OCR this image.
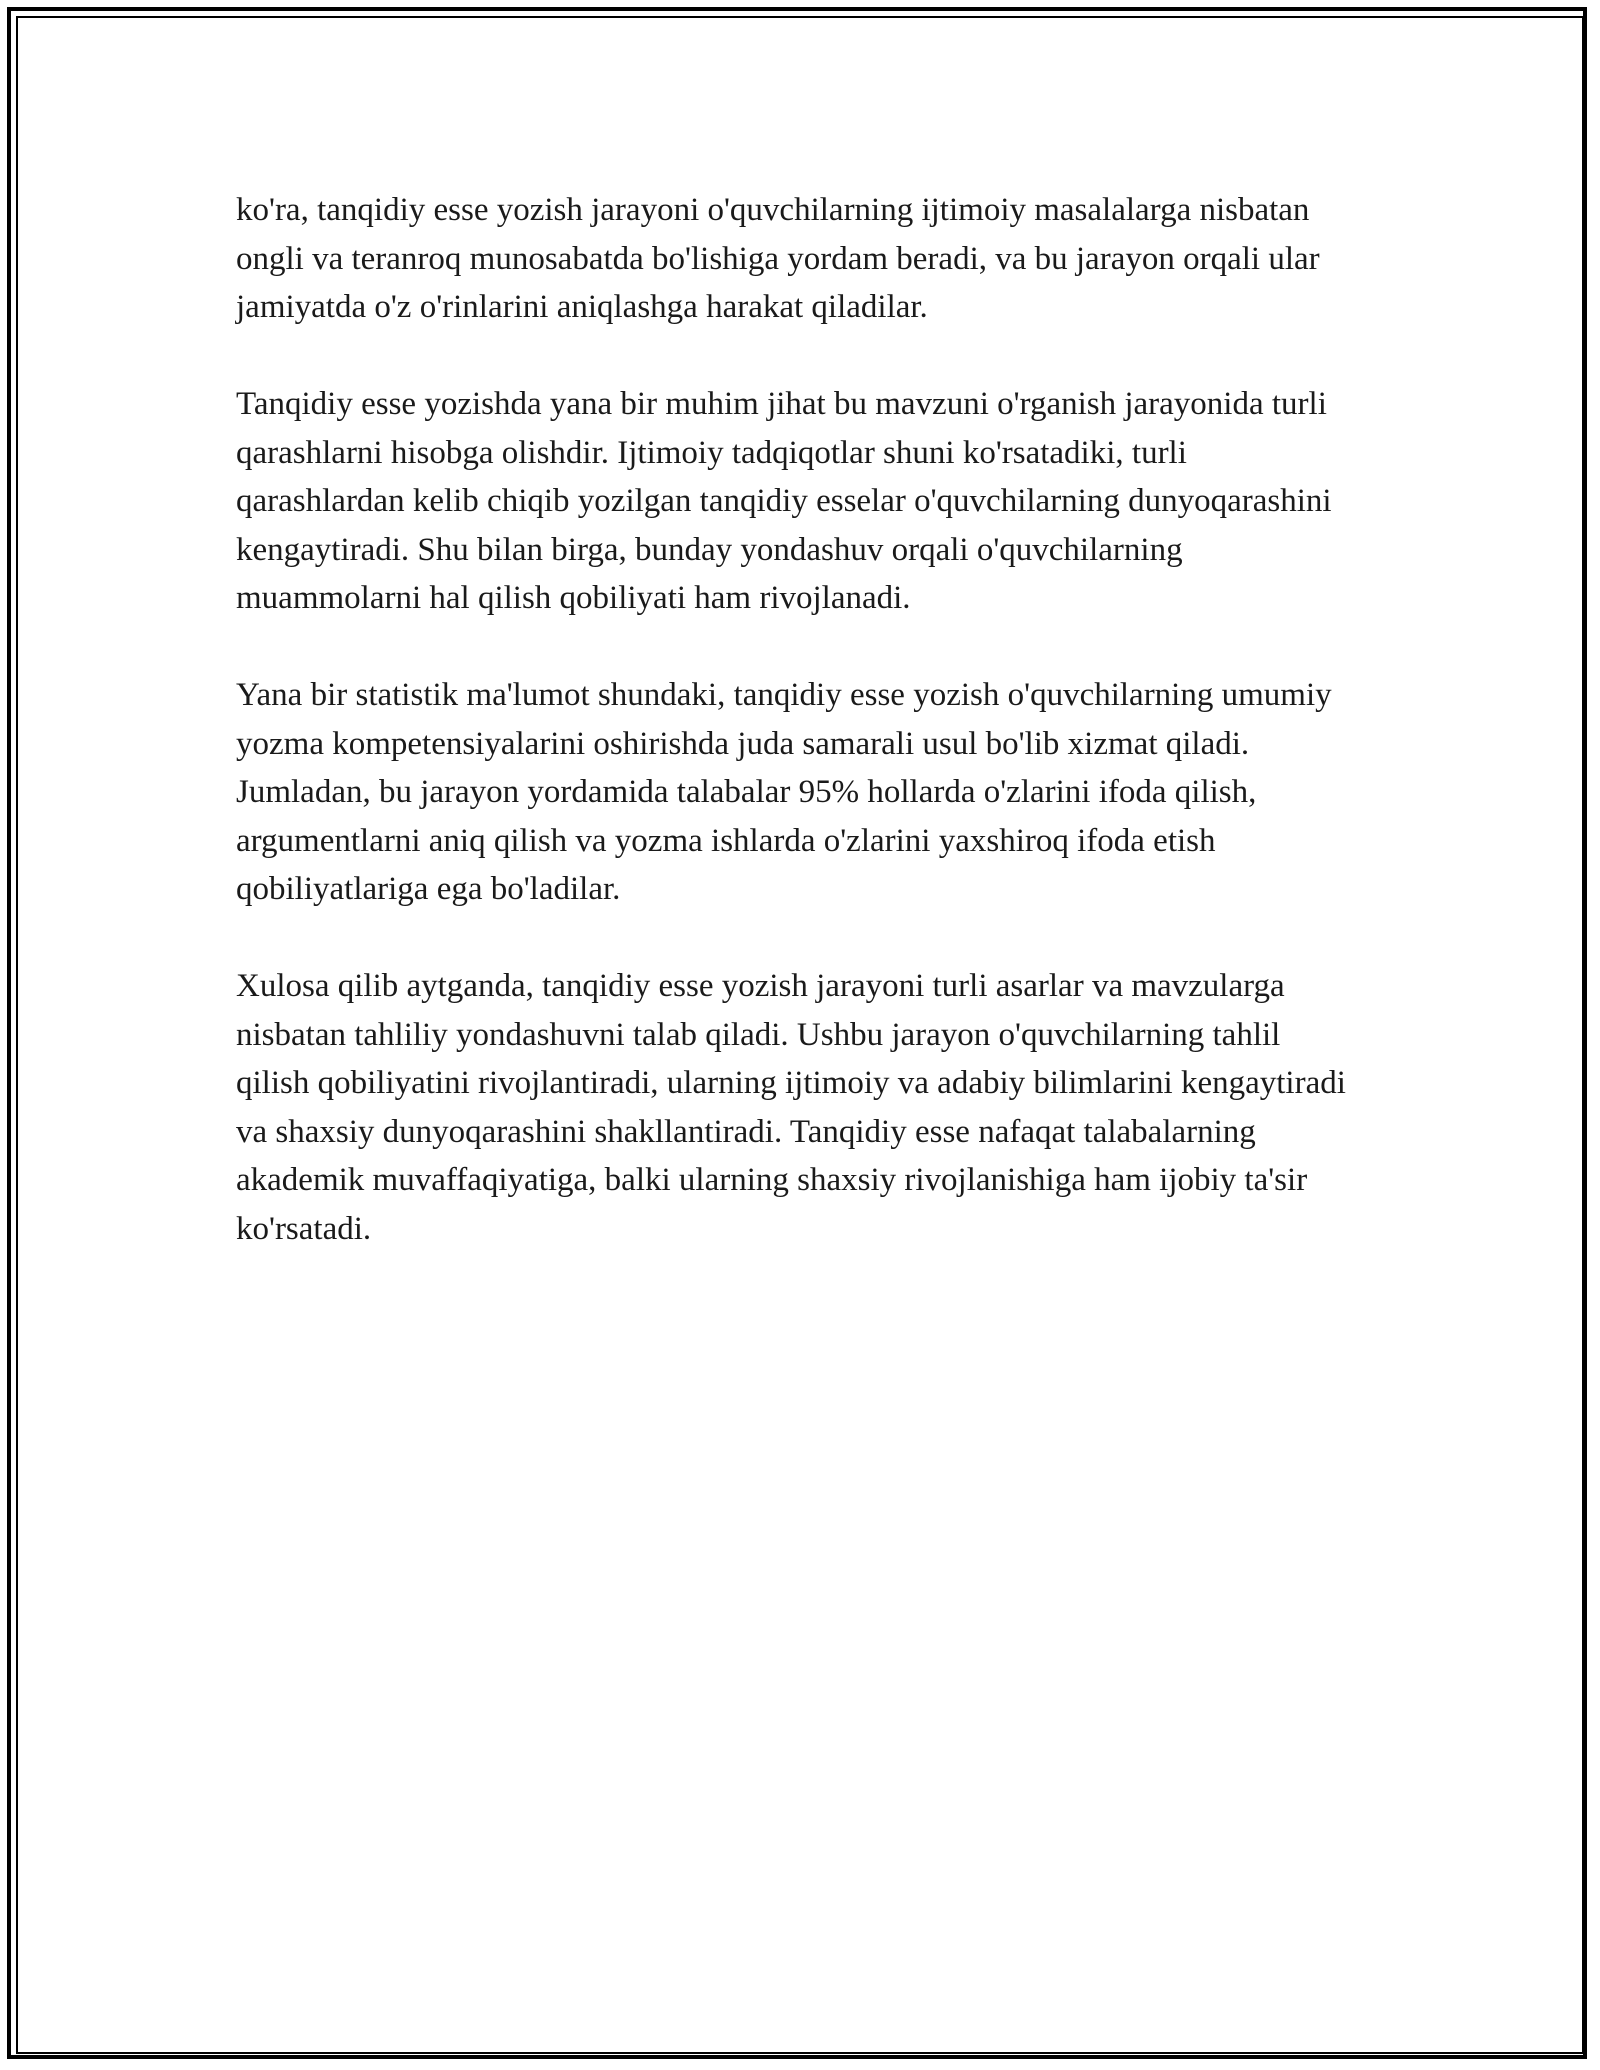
ko'ra, tanqidiy esse yozish jarayoni o'quvchilarning ijtimoiy masalalarga nisbatan ongli va teranroq munosabatda bo'lishiga yordam beradi, va bu jarayon orqali ular jamiyatda o'z o'rinlarini aniqlashga harakat qiladilar.

Tanqidiy esse yozishda yana bir muhim jihat bu mavzuni o'rganish jarayonida turli qarashlarni hisobga olishdir. Ijtimoiy tadqiqotlar shuni ko'rsatadiki, turli qarashlardan kelib chiqib yozilgan tanqidiy esselar o'quvchilarning dunyoqarashini kengaytiradi. Shu bilan birga, bunday yondashuv orqali o'quvchilarning muammolarni hal qilish qobiliyati ham rivojlanadi.

Yana bir statistik ma'lumot shundaki, tanqidiy esse yozish o'quvchilarning umumiy yozma kompetensiyalarini oshirishda juda samarali usul bo'lib xizmat qiladi. Jumladan, bu jarayon yordamida talabalar 95% hollarda o'zlarini ifoda qilish, argumentlarni aniq qilish va yozma ishlarda o'zlarini yaxshiroq ifoda etish qobiliyatlariga ega bo'ladilar.

Xulosa qilib aytganda, tanqidiy esse yozish jarayoni turli asarlar va mavzularga nisbatan tahliliy yondashuvni talab qiladi. Ushbu jarayon o'quvchilarning tahlil qilish qobiliyatini rivojlantiradi, ularning ijtimoiy va adabiy bilimlarini kengaytiradi va shaxsiy dunyoqarashini shakllantiradi. Tanqidiy esse nafaqat talabalarning akademik muvaffaqiyatiga, balki ularning shaxsiy rivojlanishiga ham ijobiy ta'sir ko'rsatadi.
